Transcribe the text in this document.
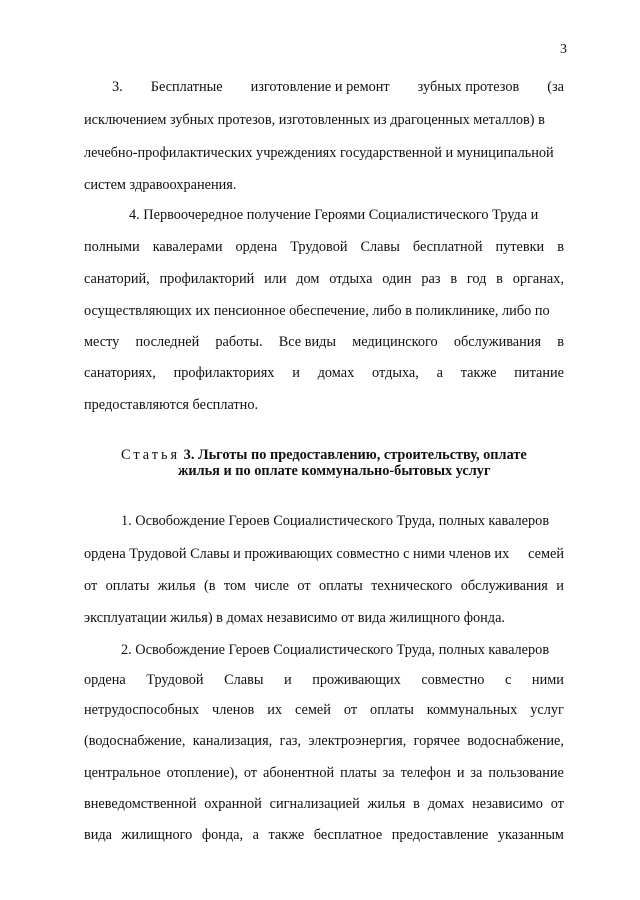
3
3. Бесплатные изготовление и ремонт зубных протезов (за
исключением зубных протезов, изготовленных из драгоценных металлов) в
лечебно-профилактических учреждениях государственной и муниципальной
систем здравоохранения.
4. Первоочередное получение Героями Социалистического Труда и
полными кавалерами ордена Трудовой Славы бесплатной путевки в
санаторий, профилакторий или дом отдыха один раз в год в органах,
осуществляющих их пенсионное обеспечение, либо в поликлинике, либо по
месту последней работы. Все виды медицинского обслуживания в
санаториях, профилакториях и домах отдыха, а также питание
предоставляются бесплатно.
Статья 3. Льготы по предоставлению, строительству, оплате
жилья и по оплате коммунально-бытовых услуг
1. Освобождение Героев Социалистического Труда, полных кавалеров
ордена Трудовой Славы и проживающих совместно с ними членов их семей
от оплаты жилья (в том числе от оплаты технического обслуживания и
эксплуатации жилья) в домах независимо от вида жилищного фонда.
2. Освобождение Героев Социалистического Труда, полных кавалеров
ордена Трудовой Славы и проживающих совместно с ними
нетрудоспособных членов их семей от оплаты коммунальных услуг
(водоснабжение, канализация, газ, электроэнергия, горячее водоснабжение,
центральное отопление), от абонентной платы за телефон и за пользование
вневедомственной охранной сигнализацией жилья в домах независимо от
вида жилищного фонда, а также бесплатное предоставление указанным
